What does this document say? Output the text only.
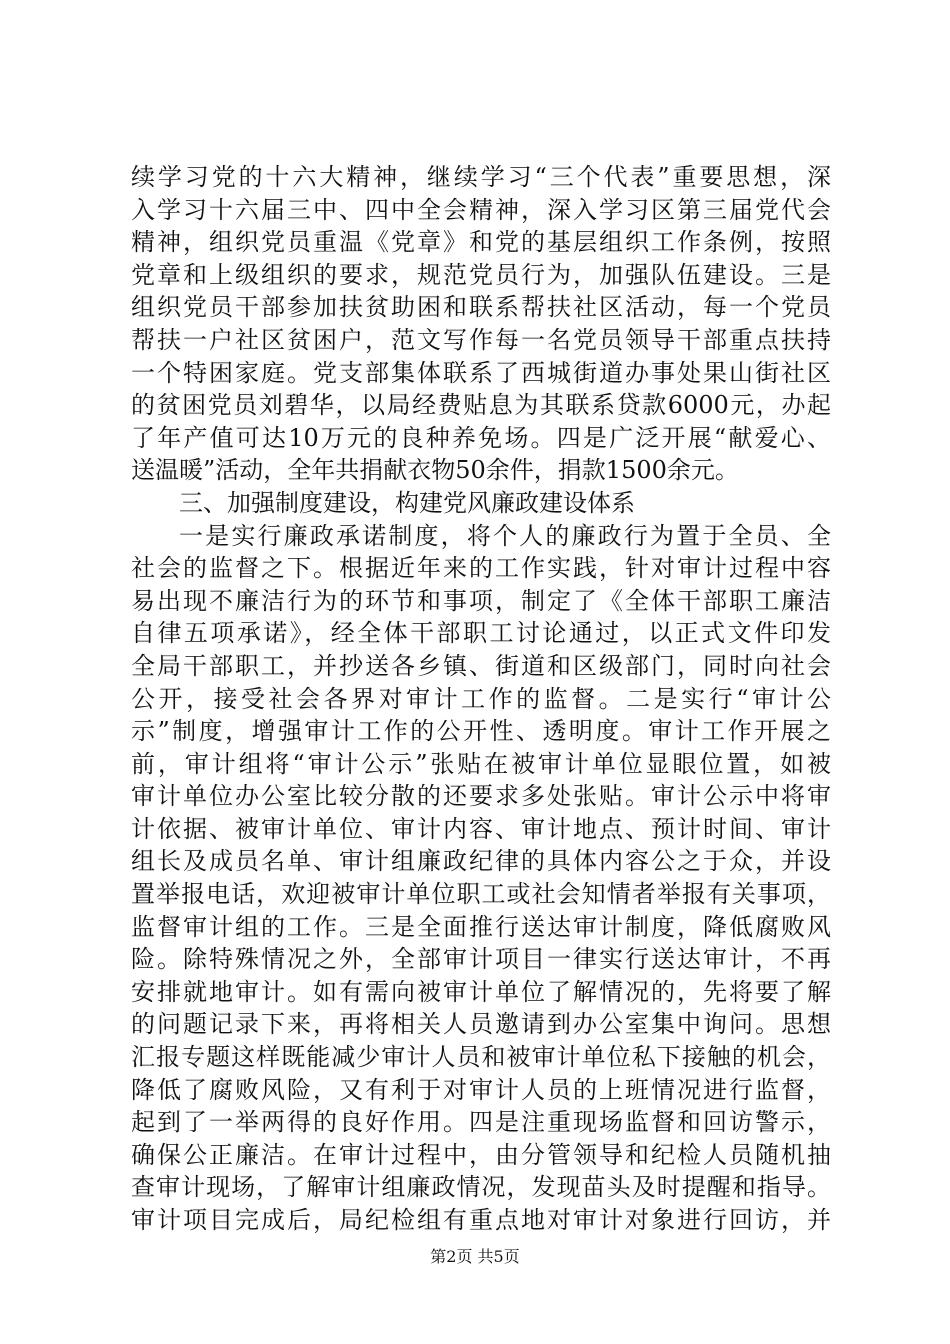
续学习党的十六大精神，继续学习“三个代表”重要思想，深
入学习十六届三中、四中全会精神，深入学习区第三届党代会
精神，组织党员重温《党章》和党的基层组织工作条例，按照
党章和上级组织的要求，规范党员行为，加强队伍建设。三是
组织党员干部参加扶贫助困和联系帮扶社区活动，每一个党员
帮扶一户社区贫困户，范文写作每一名党员领导干部重点扶持
一个特困家庭。党支部集体联系了西城街道办事处果山街社区
的贫困党员刘碧华，以局经费贴息为其联系贷款6000元，办起
了年产值可达10万元的良种养免场。四是广泛开展“献爱心、
送温暖”活动，全年共捐献衣物50余件，捐款1500余元。
三、加强制度建设，构建党风廉政建设体系
一是实行廉政承诺制度，将个人的廉政行为置于全员、全
社会的监督之下。根据近年来的工作实践，针对审计过程中容
易出现不廉洁行为的环节和事项，制定了《全体干部职工廉洁
自律五项承诺》，经全体干部职工讨论通过，以正式文件印发
全局干部职工，并抄送各乡镇、街道和区级部门，同时向社会
公开，接受社会各界对审计工作的监督。二是实行“审计公
示”制度，增强审计工作的公开性、透明度。审计工作开展之
前，审计组将“审计公示”张贴在被审计单位显眼位置，如被
审计单位办公室比较分散的还要求多处张贴。审计公示中将审
计依据、被审计单位、审计内容、审计地点、预计时间、审计
组长及成员名单、审计组廉政纪律的具体内容公之于众，并设
置举报电话，欢迎被审计单位职工或社会知情者举报有关事项，
监督审计组的工作。三是全面推行送达审计制度，降低腐败风
险。除特殊情况之外，全部审计项目一律实行送达审计，不再
安排就地审计。如有需向被审计单位了解情况的，先将要了解
的问题记录下来，再将相关人员邀请到办公室集中询问。思想
汇报专题这样既能减少审计人员和被审计单位私下接触的机会，
降低了腐败风险，又有利于对审计人员的上班情况进行监督，
起到了一举两得的良好作用。四是注重现场监督和回访警示，
确保公正廉洁。在审计过程中，由分管领导和纪检人员随机抽
查审计现场，了解审计组廉政情况，发现苗头及时提醒和指导。
审计项目完成后，局纪检组有重点地对审计对象进行回访，并
第2页 共5页
